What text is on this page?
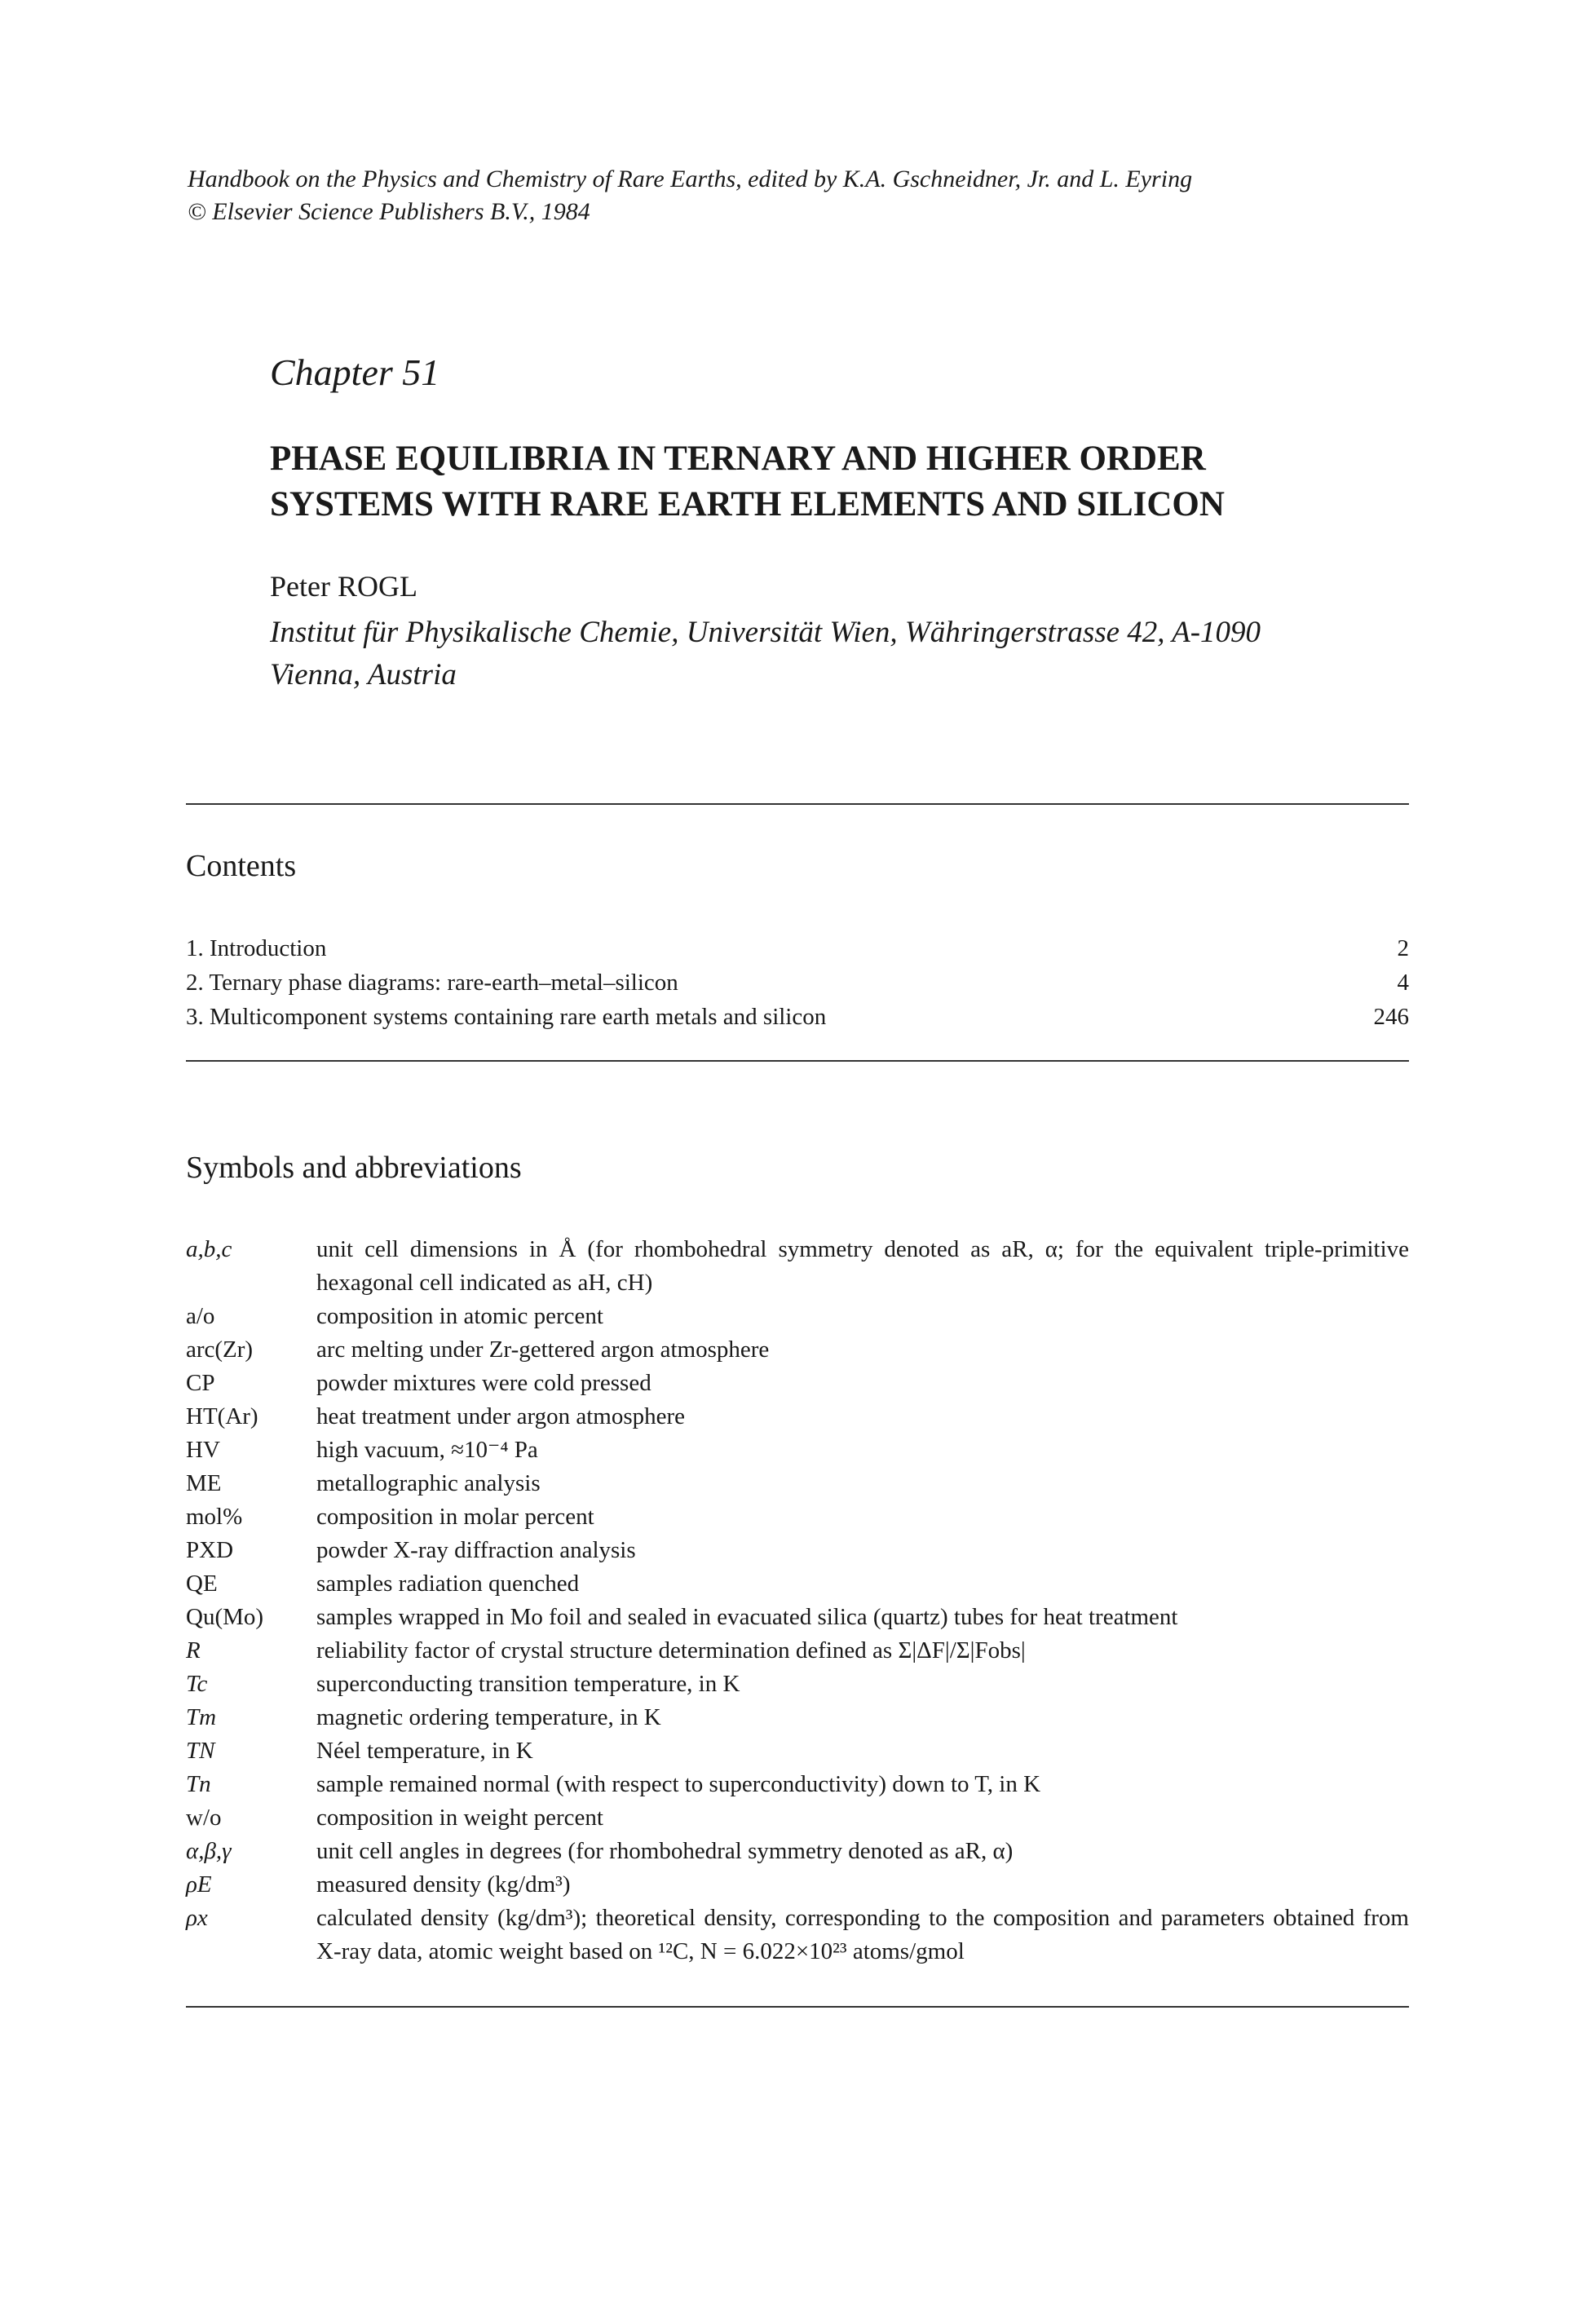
Handbook on the Physics and Chemistry of Rare Earths, edited by K.A. Gschneidner, Jr. and L. Eyring
© Elsevier Science Publishers B.V., 1984
Chapter 51
PHASE EQUILIBRIA IN TERNARY AND HIGHER ORDER
SYSTEMS WITH RARE EARTH ELEMENTS AND SILICON
Peter ROGL
Institut für Physikalische Chemie, Universität Wien, Währingerstrasse 42, A-1090
Vienna, Austria
Contents
1. Introduction	2
2. Ternary phase diagrams: rare-earth–metal–silicon	4
3. Multicomponent systems containing rare earth metals and silicon	246
Symbols and abbreviations
a,b,c	unit cell dimensions in Å (for rhombohedral symmetry denoted as aR, α; for the equivalent triple-primitive hexagonal cell indicated as aH, cH)
a/o	composition in atomic percent
arc(Zr)	arc melting under Zr-gettered argon atmosphere
CP	powder mixtures were cold pressed
HT(Ar)	heat treatment under argon atmosphere
HV	high vacuum, ≈10⁻⁴ Pa
ME	metallographic analysis
mol%	composition in molar percent
PXD	powder X-ray diffraction analysis
QE	samples radiation quenched
Qu(Mo)	samples wrapped in Mo foil and sealed in evacuated silica (quartz) tubes for heat treatment
R	reliability factor of crystal structure determination defined as Σ|ΔF|/Σ|Fobs|
Tc	superconducting transition temperature, in K
Tm	magnetic ordering temperature, in K
TN	Néel temperature, in K
Tn	sample remained normal (with respect to superconductivity) down to T, in K
w/o	composition in weight percent
α,β,γ	unit cell angles in degrees (for rhombohedral symmetry denoted as aR, α)
ρE	measured density (kg/dm³)
ρx	calculated density (kg/dm³); theoretical density, corresponding to the composition and parameters obtained from X-ray data, atomic weight based on ¹²C, N = 6.022×10²³ atoms/gmol
